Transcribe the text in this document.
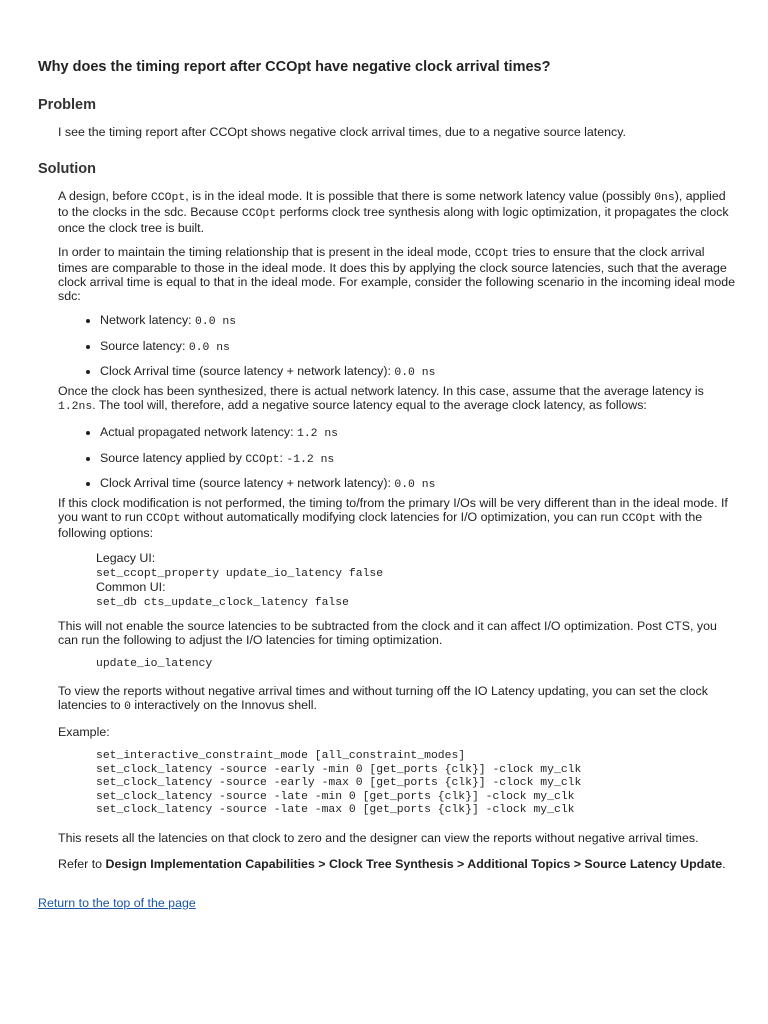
Why does the timing report after CCOpt have negative clock arrival times?
Problem

I see the timing report after CCOpt shows negative clock arrival times, due to a negative source latency.

Solution

A design, before CCOpt, is in the ideal mode. It is possible that there is some network latency value (possibly 0ns), applied to the clocks in the sdc. Because CCOpt performs clock tree synthesis along with logic optimization, it propagates the clock once the clock tree is built.

In order to maintain the timing relationship that is present in the ideal mode, CCOpt tries to ensure that the clock arrival times are comparable to those in the ideal mode. It does this by applying the clock source latencies, such that the average clock arrival time is equal to that in the ideal mode. For example, consider the following scenario in the incoming ideal mode sdc:

• Network latency: 0.0 ns
• Source latency: 0.0 ns
• Clock Arrival time (source latency + network latency): 0.0 ns

Once the clock has been synthesized, there is actual network latency. In this case, assume that the average latency is 1.2ns. The tool will, therefore, add a negative source latency equal to the average clock latency, as follows:

• Actual propagated network latency: 1.2 ns
• Source latency applied by CCOpt: -1.2 ns
• Clock Arrival time (source latency + network latency): 0.0 ns

If this clock modification is not performed, the timing to/from the primary I/Os will be very different than in the ideal mode. If you want to run CCOpt without automatically modifying clock latencies for I/O optimization, you can run CCOpt with the following options:

Legacy UI:
set_ccopt_property update_io_latency false
Common UI:
set_db cts_update_clock_latency false

This will not enable the source latencies to be subtracted from the clock and it can affect I/O optimization. Post CTS, you can run the following to adjust the I/O latencies for timing optimization.

update_io_latency

To view the reports without negative arrival times and without turning off the IO Latency updating, you can set the clock latencies to 0 interactively on the Innovus shell.

Example:

set_interactive_constraint_mode [all_constraint_modes]
set_clock_latency -source -early -min 0 [get_ports {clk}] -clock my_clk
set_clock_latency -source -early -max 0 [get_ports {clk}] -clock my_clk
set_clock_latency -source -late -min 0 [get_ports {clk}] -clock my_clk
set_clock_latency -source -late -max 0 [get_ports {clk}] -clock my_clk

This resets all the latencies on that clock to zero and the designer can view the reports without negative arrival times.

Refer to Design Implementation Capabilities > Clock Tree Synthesis > Additional Topics > Source Latency Update.

Return to the top of the page
